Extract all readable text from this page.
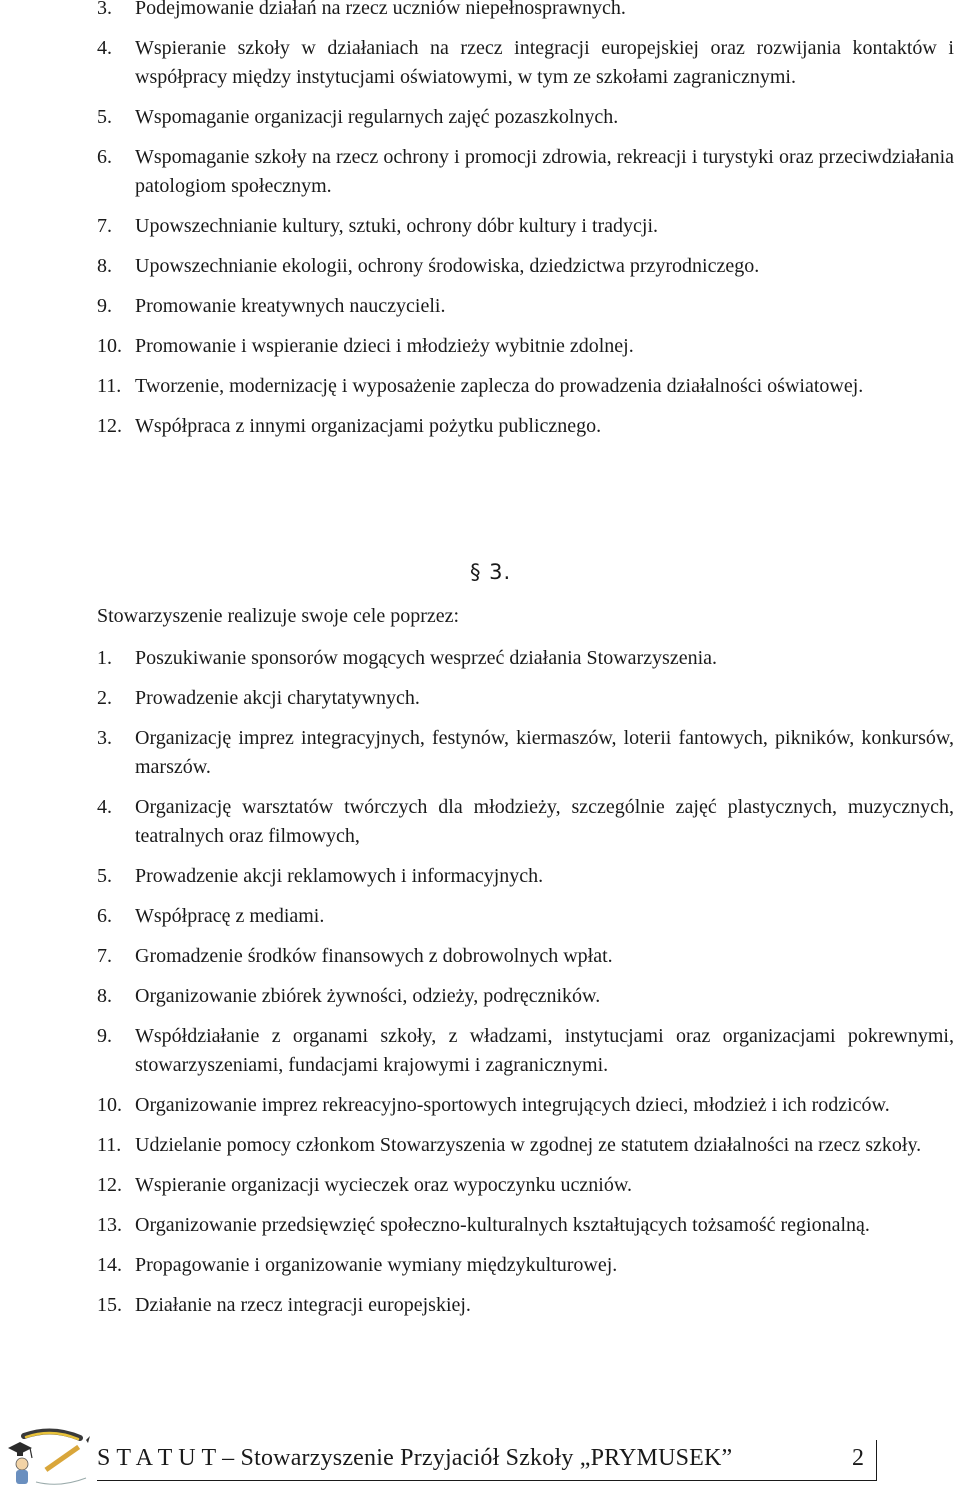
3. Podejmowanie działań na rzecz uczniów niepełnosprawnych.
4. Wspieranie szkoły w działaniach na rzecz integracji europejskiej oraz rozwijania kontaktów i współpracy między instytucjami oświatowymi, w tym ze szkołami zagranicznymi.
5. Wspomaganie organizacji regularnych zajęć pozaszkolnych.
6. Wspomaganie szkoły na rzecz ochrony i promocji zdrowia, rekreacji i turystyki oraz przeciwdziałania patologiom społecznym.
7. Upowszechnianie kultury, sztuki, ochrony dóbr kultury i tradycji.
8. Upowszechnianie ekologii, ochrony środowiska, dziedzictwa przyrodniczego.
9. Promowanie kreatywnych nauczycieli.
10. Promowanie i wspieranie dzieci i młodzieży wybitnie zdolnej.
11. Tworzenie, modernizację i wyposażenie zaplecza do prowadzenia działalności oświatowej.
12. Współpraca z innymi organizacjami pożytku publicznego.
§ 3.
Stowarzyszenie realizuje swoje cele poprzez:
1. Poszukiwanie sponsorów mogących wesprzeć działania Stowarzyszenia.
2. Prowadzenie akcji charytatywnych.
3. Organizację imprez integracyjnych, festynów, kiermaszów, loterii fantowych, pikników, konkursów, marszów.
4. Organizację warsztatów twórczych dla młodzieży, szczególnie zajęć plastycznych, muzycznych, teatralnych oraz filmowych,
5. Prowadzenie akcji reklamowych i informacyjnych.
6. Współpracę z mediami.
7. Gromadzenie środków finansowych z dobrowolnych wpłat.
8. Organizowanie zbiórek żywności, odzieży, podręczników.
9. Współdziałanie z organami szkoły, z władzami, instytucjami oraz organizacjami pokrewnymi, stowarzyszeniami, fundacjami krajowymi i zagranicznymi.
10. Organizowanie imprez rekreacyjno-sportowych integrujących dzieci, młodzież i ich rodziców.
11. Udzielanie pomocy członkom Stowarzyszenia w zgodnej ze statutem działalności na rzecz szkoły.
12. Wspieranie organizacji wycieczek oraz wypoczynku uczniów.
13. Organizowanie przedsięwzięć społeczno-kulturalnych kształtujących tożsamość regionalną.
14. Propagowanie i organizowanie wymiany międzykulturowej.
15. Działanie na rzecz integracji europejskiej.
S T A T U T – Stowarzyszenie Przyjaciół Szkoły „PRYMUSEK”	2
